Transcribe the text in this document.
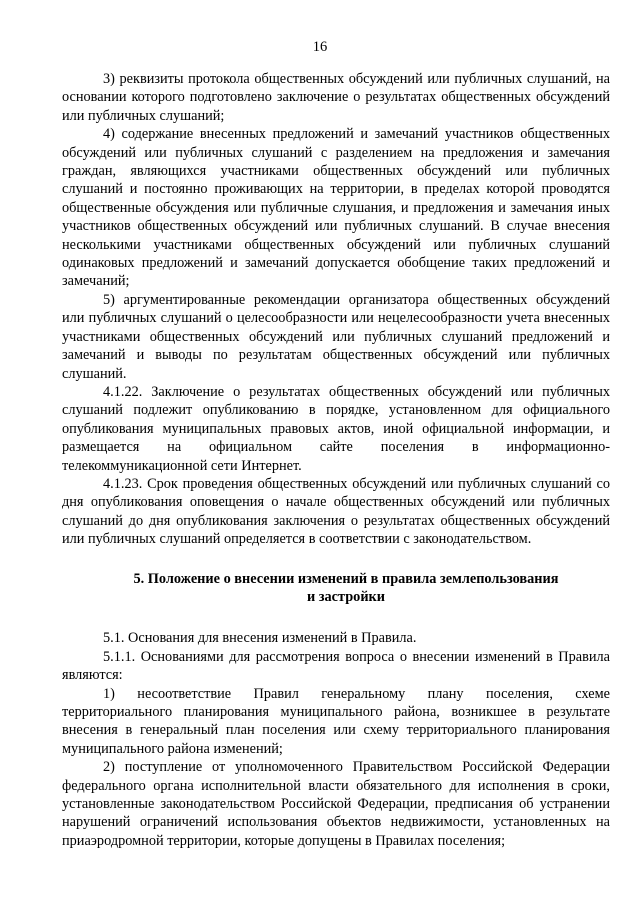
16

3) реквизиты протокола общественных обсуждений или публичных слушаний, на основании которого подготовлено заключение о результатах общественных обсуждений или публичных слушаний;

4) содержание внесенных предложений и замечаний участников общественных обсуждений или публичных слушаний с разделением на предложения и замечания граждан, являющихся участниками общественных обсуждений или публичных слушаний и постоянно проживающих на территории, в пределах которой проводятся общественные обсуждения или публичные слушания, и предложения и замечания иных участников общественных обсуждений или публичных слушаний. В случае внесения несколькими участниками общественных обсуждений или публичных слушаний одинаковых предложений и замечаний допускается обобщение таких предложений и замечаний;

5) аргументированные рекомендации организатора общественных обсуждений или публичных слушаний о целесообразности или нецелесообразности учета внесенных участниками общественных обсуждений или публичных слушаний предложений и замечаний и выводы по результатам общественных обсуждений или публичных слушаний.

4.1.22. Заключение о результатах общественных обсуждений или публичных слушаний подлежит опубликованию в порядке, установленном для официального опубликования муниципальных правовых актов, иной официальной информации, и размещается на официальном сайте поселения в информационно-телекоммуникационной сети Интернет.

4.1.23. Срок проведения общественных обсуждений или публичных слушаний со дня опубликования оповещения о начале общественных обсуждений или публичных слушаний до дня опубликования заключения о результатах общественных обсуждений или публичных слушаний определяется в соответствии с законодательством.

5. Положение о внесении изменений в правила землепользования
и застройки

5.1. Основания для внесения изменений в Правила.

5.1.1. Основаниями для рассмотрения вопроса о внесении изменений в Правила являются:

1) несоответствие Правил генеральному плану поселения, схеме территориального планирования муниципального района, возникшее в результате внесения в генеральный план поселения или схему территориального планирования муниципального района изменений;

2) поступление от уполномоченного Правительством Российской Федерации федерального органа исполнительной власти обязательного для исполнения в сроки, установленные законодательством Российской Федерации, предписания об устранении нарушений ограничений использования объектов недвижимости, установленных на приаэродромной территории, которые допущены в Правилах поселения;
